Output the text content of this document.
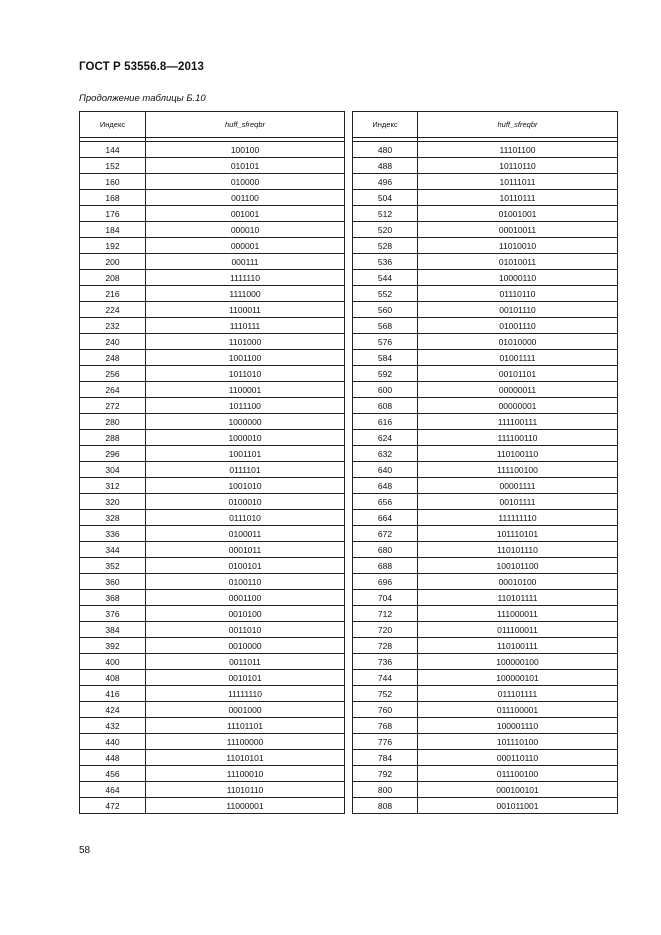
ГОСТ Р 53556.8—2013
Продолжение таблицы Б.10
Индекс	huff_sfreqbr		Индекс	huff_sfreqbr

144	100100		480	11101100
152	010101		488	10110110
160	010000		496	10111011
168	001100		504	10110111
176	001001		512	01001001
184	000010		520	00010011
192	000001		528	11010010
200	000111		536	01010011
208	1111110		544	10000110
216	1111000		552	01110110
224	1100011		560	00101110
232	1110111		568	01001110
240	1101000		576	01010000
248	1001100		584	01001111
256	1011010		592	00101101
264	1100001		600	00000011
272	1011100		608	00000001
280	1000000		616	111100111
288	1000010		624	111100110
296	1001101		632	110100110
304	0111101		640	111100100
312	1001010		648	00001111
320	0100010		656	00101111
328	0111010		664	111111110
336	0100011		672	101110101
344	0001011		680	110101110
352	0100101		688	100101100
360	0100110		696	00010100
368	0001100		704	110101111
376	0010100		712	111000011
384	0011010		720	011100011
392	0010000		728	110100111
400	0011011		736	100000100
408	0010101		744	100000101
416	11111110		752	011101111
424	0001000		760	011100001
432	11101101		768	100001110
440	11100000		776	101110100
448	11010101		784	000110110
456	11100010		792	011100100
464	11010110		800	000100101
472	11000001		808	001011001
58
